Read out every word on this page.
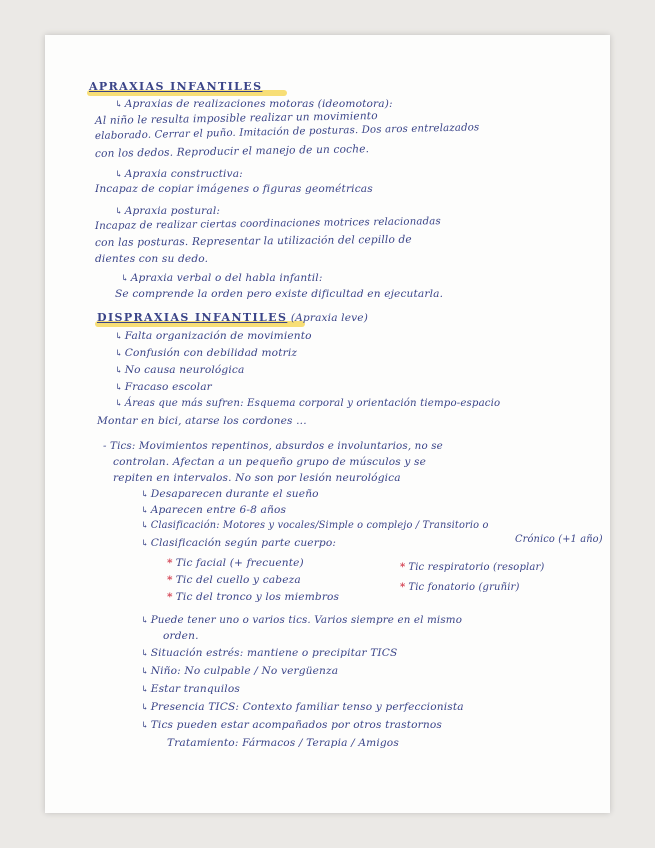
APRAXIAS INFANTILES
↳ Apraxias de realizaciones motoras (ideomotora):
Al niño le resulta imposible realizar un movimiento
elaborado. Cerrar el puño. Imitación de posturas. Dos aros entrelazados
con los dedos. Reproducir el manejo de un coche.
↳ Apraxia constructiva:
Incapaz de copiar imágenes o figuras geométricas
↳ Apraxia postural:
Incapaz de realizar ciertas coordinaciones motrices relacionadas
con las posturas. Representar la utilización del cepillo de
dientes con su dedo.
↳ Apraxia verbal o del habla infantil:
Se comprende la orden pero existe dificultad en ejecutarla.
DISPRAXIAS INFANTILES (Apraxia leve)
↳ Falta organización de movimiento
↳ Confusión con debilidad motriz
↳ No causa neurológica
↳ Fracaso escolar
↳ Áreas que más sufren: Esquema corporal y orientación tiempo-espacio
Montar en bici, atarse los cordones ...
- Tics: Movimientos repentinos, absurdos e involuntarios, no se
controlan. Afectan a un pequeño grupo de músculos y se
repiten en intervalos. No son por lesión neurológica
↳ Desaparecen durante el sueño
↳ Aparecen entre 6-8 años
↳ Clasificación: Motores y vocales/Simple o complejo / Transitorio o
Crónico (+1 año)
↳ Clasificación según parte cuerpo:
* Tic facial (+ frecuente)
* Tic del cuello y cabeza
* Tic del tronco y los miembros
* Tic respiratorio (resoplar)
* Tic fonatorio (gruñir)
↳ Puede tener uno o varios tics. Varios siempre en el mismo
orden.
↳ Situación estrés: mantiene o precipitar TICS
↳ Niño: No culpable / No vergüenza
↳ Estar tranquilos
↳ Presencia TICS: Contexto familiar tenso y perfeccionista
↳ Tics pueden estar acompañados por otros trastornos
Tratamiento: Fármacos / Terapia / Amigos
